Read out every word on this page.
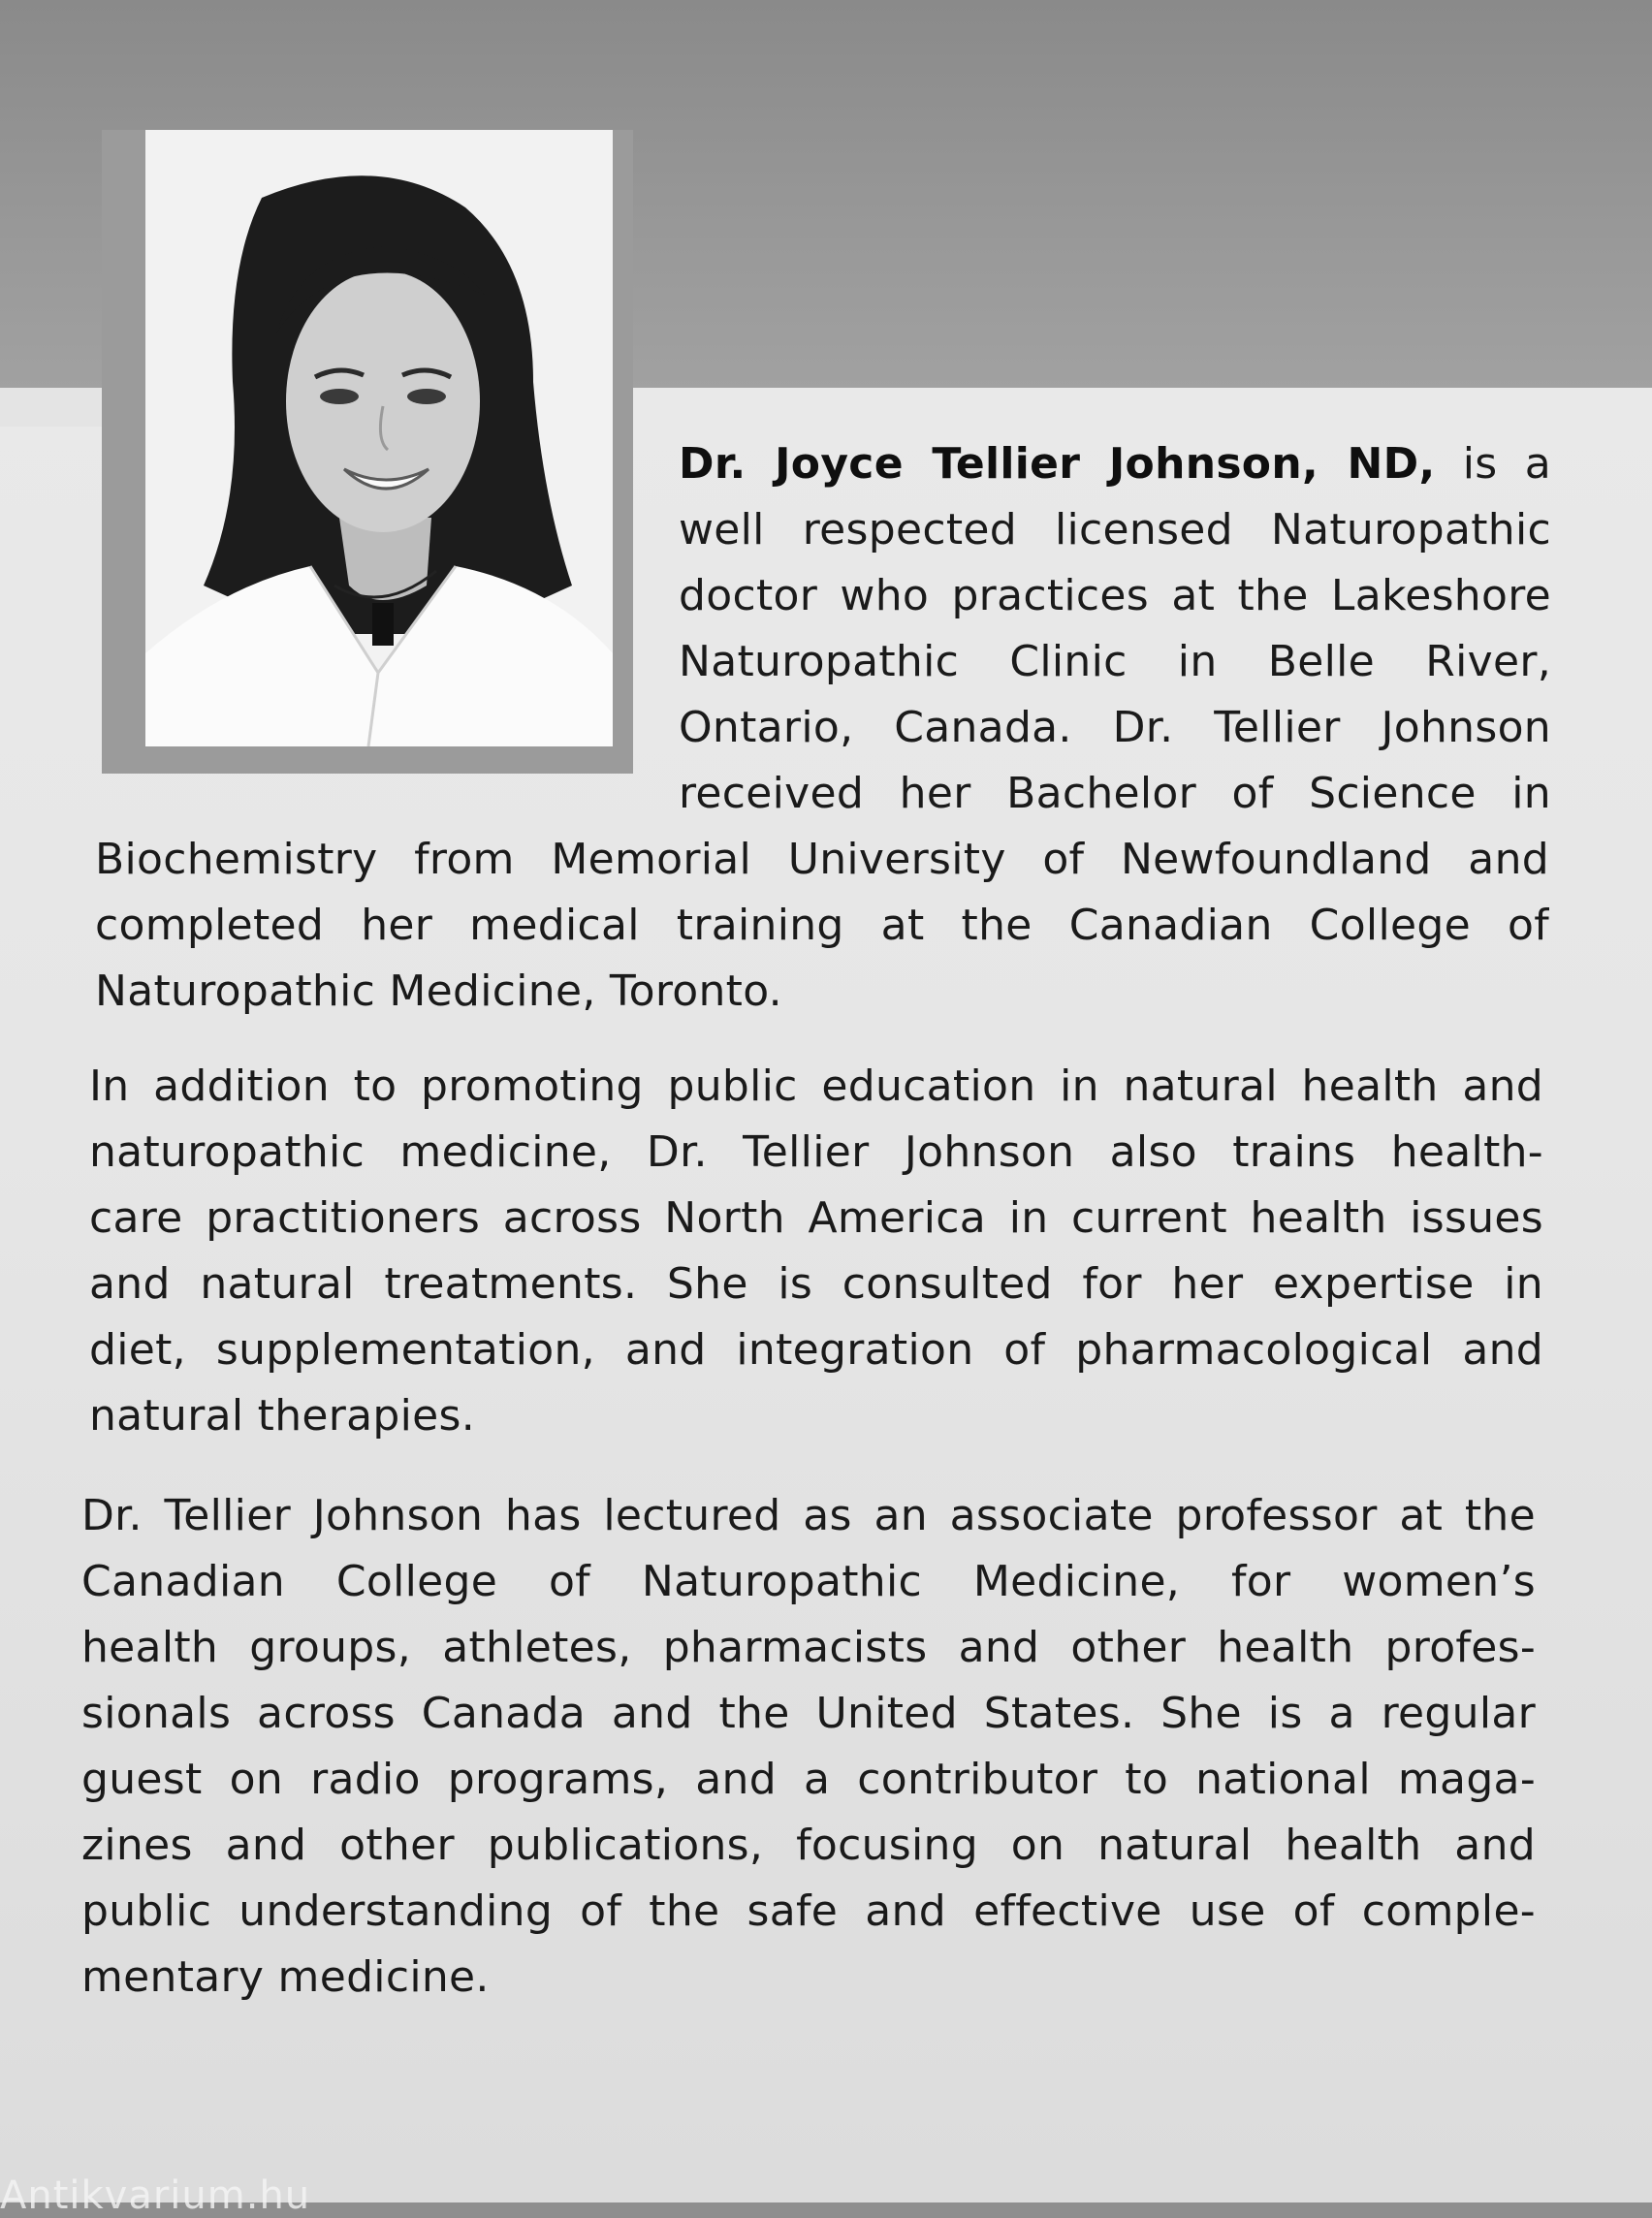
Dr. Joyce Tellier Johnson, ND, is a
well respected licensed Naturopathic
doctor who practices at the Lakeshore
Naturopathic Clinic in Belle River,
Ontario, Canada. Dr. Tellier Johnson
received her Bachelor of Science in
Biochemistry from Memorial University of Newfoundland and
completed her medical training at the Canadian College of
Naturopathic Medicine, Toronto.
In addition to promoting public education in natural health and
naturopathic medicine, Dr. Tellier Johnson also trains health-
care practitioners across North America in current health issues
and natural treatments. She is consulted for her expertise in
diet, supplementation, and integration of pharmacological and
natural therapies.
Dr. Tellier Johnson has lectured as an associate professor at the
Canadian College of Naturopathic Medicine, for women’s
health groups, athletes, pharmacists and other health profes-
sionals across Canada and the United States. She is a regular
guest on radio programs, and a contributor to national maga-
zines and other publications, focusing on natural health and
public understanding of the safe and effective use of comple-
mentary medicine.
Antikvarium.hu
